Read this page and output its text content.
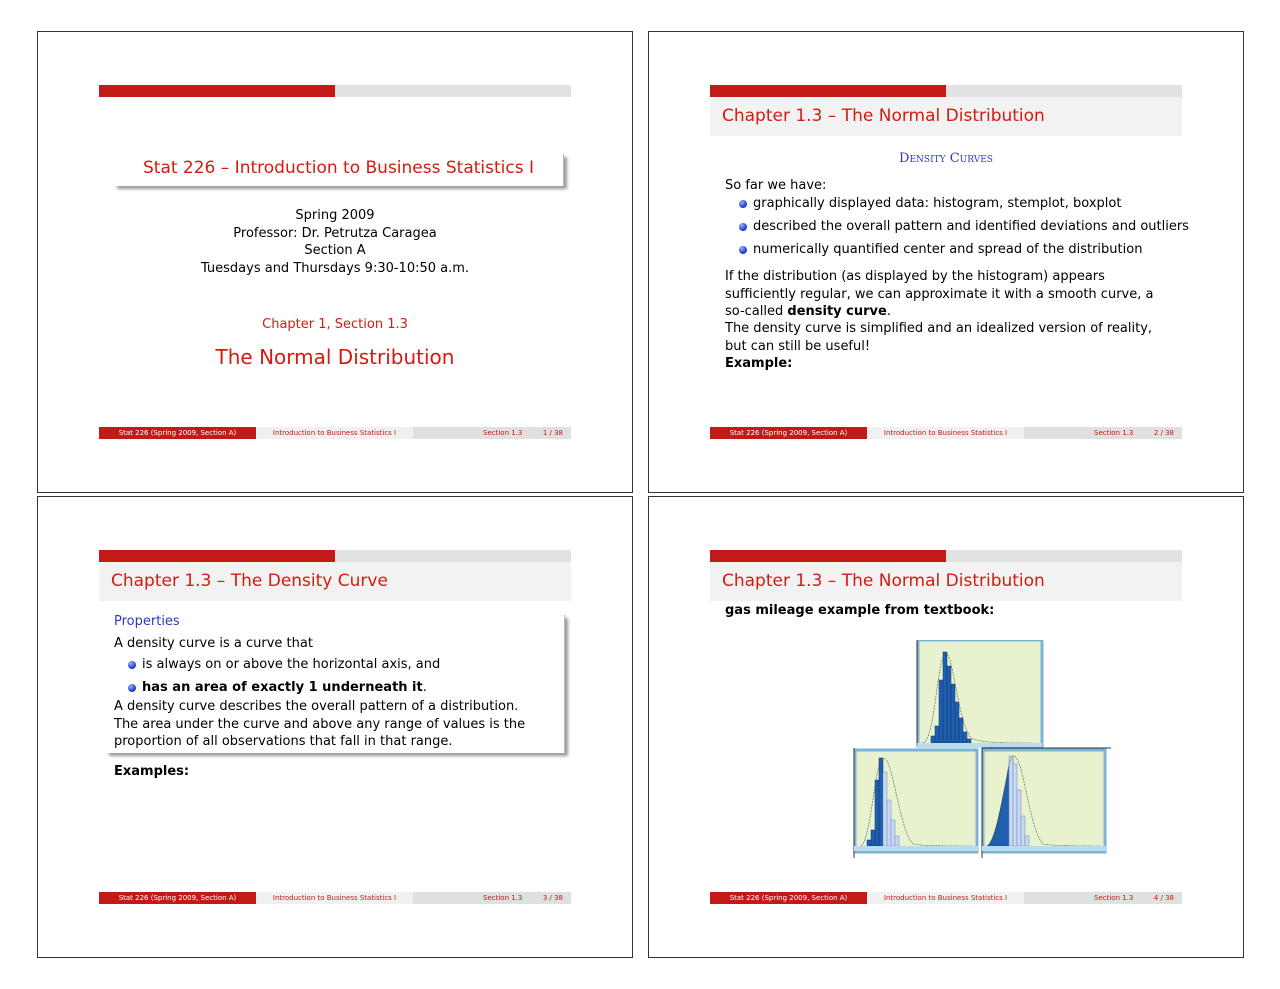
Stat 226 – Introduction to Business Statistics I
Spring 2009
Professor: Dr. Petrutza Caragea
Section A
Tuesdays and Thursdays 9:30-10:50 a.m.
Chapter 1, Section 1.3
The Normal Distribution
Stat 226 (Spring 2009, Section A)	Introduction to Business Statistics I	Section 1.3	1 / 38
Chapter 1.3 – The Normal Distribution
Density Curves
So far we have:
graphically displayed data: histogram, stemplot, boxplot
described the overall pattern and identified deviations and outliers
numerically quantified center and spread of the distribution
If the distribution (as displayed by the histogram) appears sufficiently regular, we can approximate it with a smooth curve, a so-called density curve.
The density curve is simplified and an idealized version of reality, but can still be useful!
Example:
Stat 226 (Spring 2009, Section A)	Introduction to Business Statistics I	Section 1.3	2 / 38
Chapter 1.3 – The Density Curve
Properties
A density curve is a curve that
is always on or above the horizontal axis, and
has an area of exactly 1 underneath it.
A density curve describes the overall pattern of a distribution. The area under the curve and above any range of values is the proportion of all observations that fall in that range.
Examples:
Stat 226 (Spring 2009, Section A)	Introduction to Business Statistics I	Section 1.3	3 / 38
Chapter 1.3 – The Normal Distribution
gas mileage example from textbook:
Stat 226 (Spring 2009, Section A)	Introduction to Business Statistics I	Section 1.3	4 / 38
